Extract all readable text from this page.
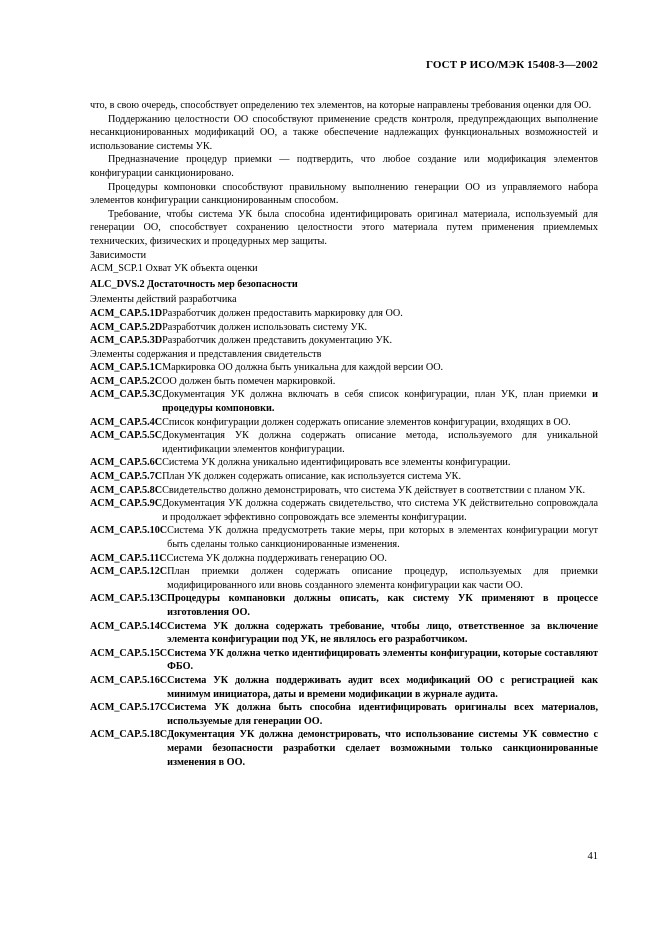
ГОСТ Р ИСО/МЭК 15408-3—2002

что, в свою очередь, способствует определению тех элементов, на которые направлены требования оценки для ОО.

Поддержанию целостности ОО способствуют применение средств контроля, предупреждающих выполнение несанкционированных модификаций ОО, а также обеспечение надлежащих функциональных возможностей и использование системы УК.

Предназначение процедур приемки — подтвердить, что любое создание или модификация элементов конфигурации санкционировано.

Процедуры компоновки способствуют правильному выполнению генерации ОО из управляемого набора элементов конфигурации санкционированным способом.

Требование, чтобы система УК была способна идентифицировать оригинал материала, используемый для генерации ОО, способствует сохранению целостности этого материала путем применения приемлемых технических, физических и процедурных мер защиты.

Зависимости

ACM_SCP.1 Охват УК объекта оценки

ALC_DVS.2 Достаточность мер безопасности

Элементы действий разработчика

ACM_CAP.5.1D Разработчик должен предоставить маркировку для ОО.
ACM_CAP.5.2D Разработчик должен использовать систему УК.
ACM_CAP.5.3D Разработчик должен представить документацию УК.

Элементы содержания и представления свидетельств

ACM_CAP.5.1C Маркировка ОО должна быть уникальна для каждой версии ОО.
ACM_CAP.5.2C ОО должен быть помечен маркировкой.
ACM_CAP.5.3C Документация УК должна включать в себя список конфигурации, план УК, план приемки и процедуры компоновки.
ACM_CAP.5.4C Список конфигурации должен содержать описание элементов конфигурации, входящих в ОО.
ACM_CAP.5.5C Документация УК должна содержать описание метода, используемого для уникальной идентификации элементов конфигурации.
ACM_CAP.5.6C Система УК должна уникально идентифицировать все элементы конфигурации.
ACM_CAP.5.7C План УК должен содержать описание, как используется система УК.
ACM_CAP.5.8C Свидетельство должно демонстрировать, что система УК действует в соответствии с планом УК.
ACM_CAP.5.9C Документация УК должна содержать свидетельство, что система УК действительно сопровождала и продолжает эффективно сопровождать все элементы конфигурации.
ACM_CAP.5.10C Система УК должна предусмотреть такие меры, при которых в элементах конфигурации могут быть сделаны только санкционированные изменения.
ACM_CAP.5.11C Система УК должна поддерживать генерацию ОО.
ACM_CAP.5.12C План приемки должен содержать описание процедур, используемых для приемки модифицированного или вновь созданного элемента конфигурации как части ОО.
ACM_CAP.5.13C Процедуры компановки должны описать, как систему УК применяют в процессе изготовления ОО.
ACM_CAP.5.14C Система УК должна содержать требование, чтобы лицо, ответственное за включение элемента конфигурации под УК, не являлось его разработчиком.
ACM_CAP.5.15C Система УК должна четко идентифицировать элементы конфигурации, которые составляют ФБО.
ACM_CAP.5.16C Система УК должна поддерживать аудит всех модификаций ОО с регистрацией как минимум инициатора, даты и времени модификации в журнале аудита.
ACM_CAP.5.17C Система УК должна быть способна идентифицировать оригиналы всех материалов, используемые для генерации ОО.
ACM_CAP.5.18C Документация УК должна демонстрировать, что использование системы УК совместно с мерами безопасности разработки сделает возможными только санкционированные изменения в ОО.
41
